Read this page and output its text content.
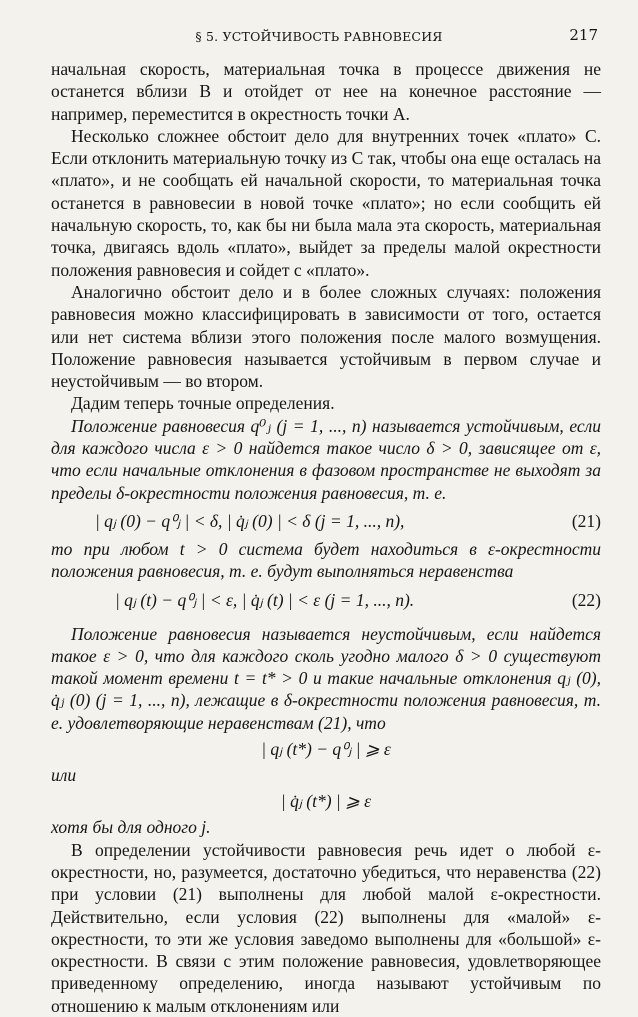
§ 5. УСТОЙЧИВОСТЬ РАВНОВЕСИЯ	217

начальная скорость, материальная точка в процессе движения не останется вблизи B и отойдет от нее на конечное расстояние — например, переместится в окрестность точки A.

Несколько сложнее обстоит дело для внутренних точек «плато» C. Если отклонить материальную точку из C так, чтобы она еще осталась на «плато», и не сообщать ей начальной скорости, то материальная точка останется в равновесии в новой точке «плато»; но если сообщить ей начальную скорость, то, как бы ни была мала эта скорость, материальная точка, двигаясь вдоль «плато», выйдет за пределы малой окрестности положения равновесия и сойдет с «плато».

Аналогично обстоит дело и в более сложных случаях: положения равновесия можно классифицировать в зависимости от того, остается или нет система вблизи этого положения после малого возмущения. Положение равновесия называется устойчивым в первом случае и неустойчивым — во втором.

Дадим теперь точные определения.

Положение равновесия q⁰ⱼ (j = 1, ..., n) называется устойчивым, если для каждого числа ε > 0 найдется такое число δ > 0, зависящее от ε, что если начальные отклонения в фазовом пространстве не выходят за пределы δ-окрестности положения равновесия, т. е.

| qⱼ (0) − q⁰ⱼ | < δ, | q̇ⱼ (0) | < δ (j = 1, ..., n),	(21)

то при любом t > 0 система будет находиться в ε-окрестности положения равновесия, т. е. будут выполняться неравенства

| qⱼ (t) − q⁰ⱼ | < ε, | q̇ⱼ (t) | < ε (j = 1, ..., n).	(22)

Положение равновесия называется неустойчивым, если найдется такое ε > 0, что для каждого сколь угодно малого δ > 0 существуют такой момент времени t = t* > 0 и такие начальные отклонения qⱼ (0), q̇ⱼ (0) (j = 1, ..., n), лежащие в δ-окрестности положения равновесия, т. е. удовлетворяющие неравенствам (21), что

| qⱼ (t*) − q⁰ⱼ | ⩾ ε

или

| q̇ⱼ (t*) | ⩾ ε

хотя бы для одного j.

В определении устойчивости равновесия речь идет о любой ε-окрестности, но, разумеется, достаточно убедиться, что неравенства (22) при условии (21) выполнены для любой малой ε-окрестности. Действительно, если условия (22) выполнены для «малой» ε-окрестности, то эти же условия заведомо выполнены для «большой» ε-окрестности. В связи с этим положение равновесия, удовлетворяющее приведенному определению, иногда называют устойчивым по отношению к малым отклонениям или
